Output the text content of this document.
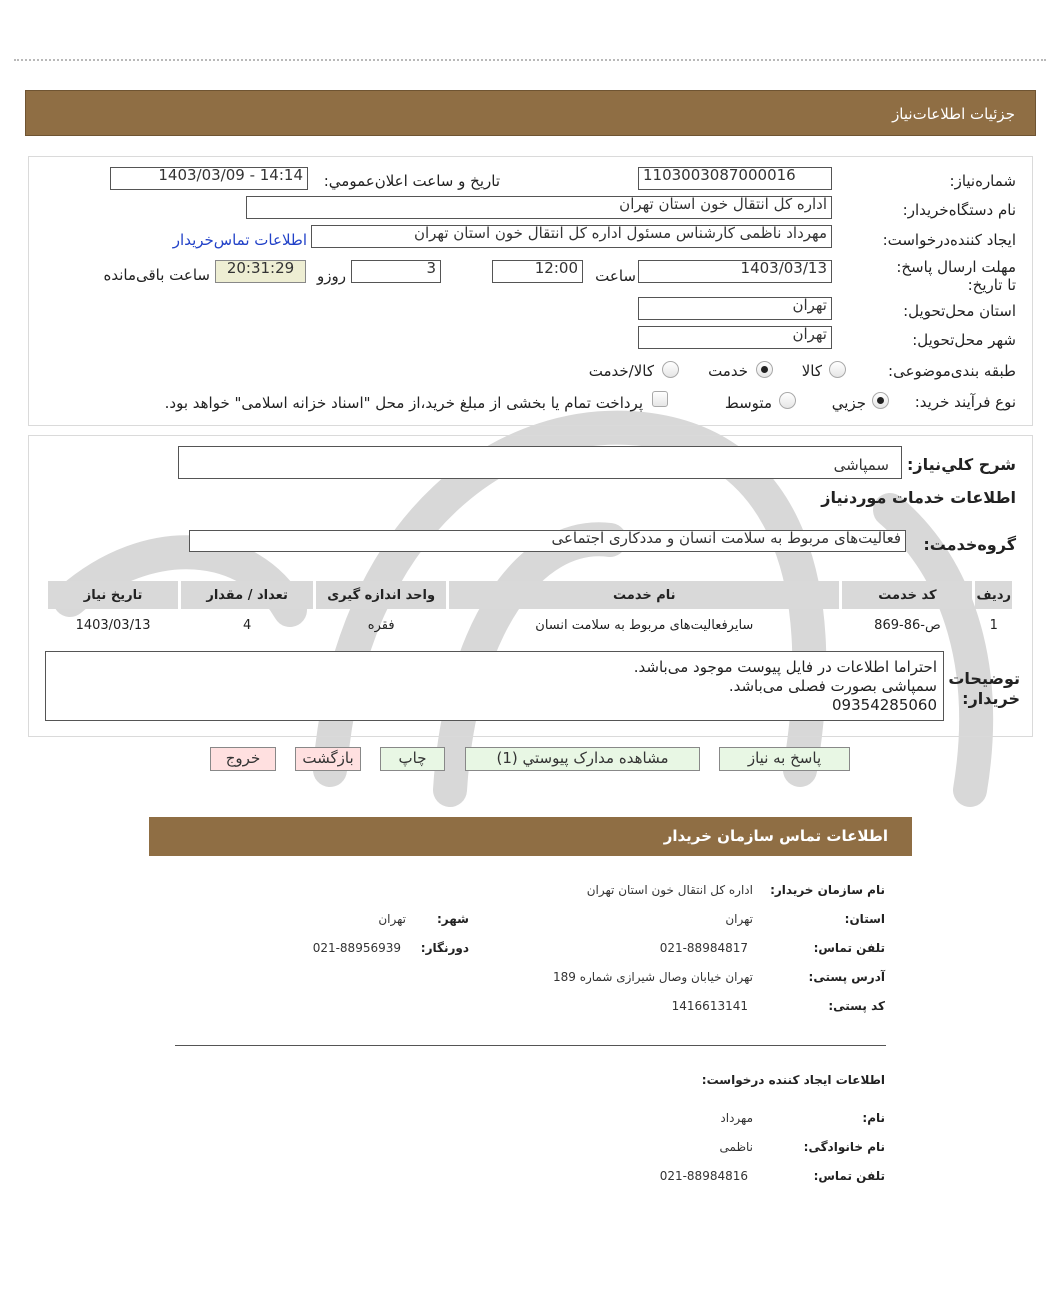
جزئیات اطلاعات‌نیاز
شماره‌نیاز:
1103003087000016
تاریخ و ساعت اعلان‌عمومي:
1403/03/09 - 14:14
نام دستگاه‌خريدار:
اداره کل انتقال خون استان تهران
ایجاد کننده‌درخواست:
مهرداد ناظمی کارشناس مسئول اداره کل انتقال خون استان تهران
اطلاعات تماس‌خريدار
مهلت ارسال پاسخ: تا تاریخ:
1403/03/13
ساعت
12:00
3
روزو
20:31:29
ساعت باقی‌مانده
استان محل‌تحویل:
تهران
شهر محل‌تحویل:
تهران
طبقه بندی‌موضوعی:
کالا
خدمت
کالا/خدمت
نوع فرآیند خرید:
جزيي
متوسط
پرداخت تمام یا بخشی از مبلغ خرید،از محل "اسناد خزانه اسلامی" خواهد بود.
شرح کلي‌نیاز:
سمپاشی
اطلاعات خدمات موردنیاز
گروه‌خدمت:
فعالیت‌های مربوط به سلامت انسان و مددکاری اجتماعی
ردیف	کد خدمت	نام خدمت	واحد اندازه گیری	تعداد / مقدار	تاریخ نیاز
1	ص-86-869	سایرفعالیت‌های مربوط به سلامت انسان	فقره	4	1403/03/13
توضیحات خریدار:
احتراما اطلاعات در فایل پیوست موجود می‌باشد.
سمپاشی بصورت فصلی می‌باشد.
09354285060
پاسخ به نیاز
مشاهده مدارک پیوستي (1)
چاپ
بازگشت
خروج
اطلاعات تماس سازمان خریدار
نام سازمان خریدار:
اداره کل انتقال خون استان تهران
استان:
تهران
شهر:
تهران
تلفن تماس:
021-88984817
دورنگار:
021-88956939
آدرس پستی:
تهران خیابان وصال شیرازی شماره 189
کد پستی:
1416613141
اطلاعات ایجاد کننده درخواست:
نام:
مهرداد
نام خانوادگی:
ناظمی
تلفن تماس:
021-88984816
